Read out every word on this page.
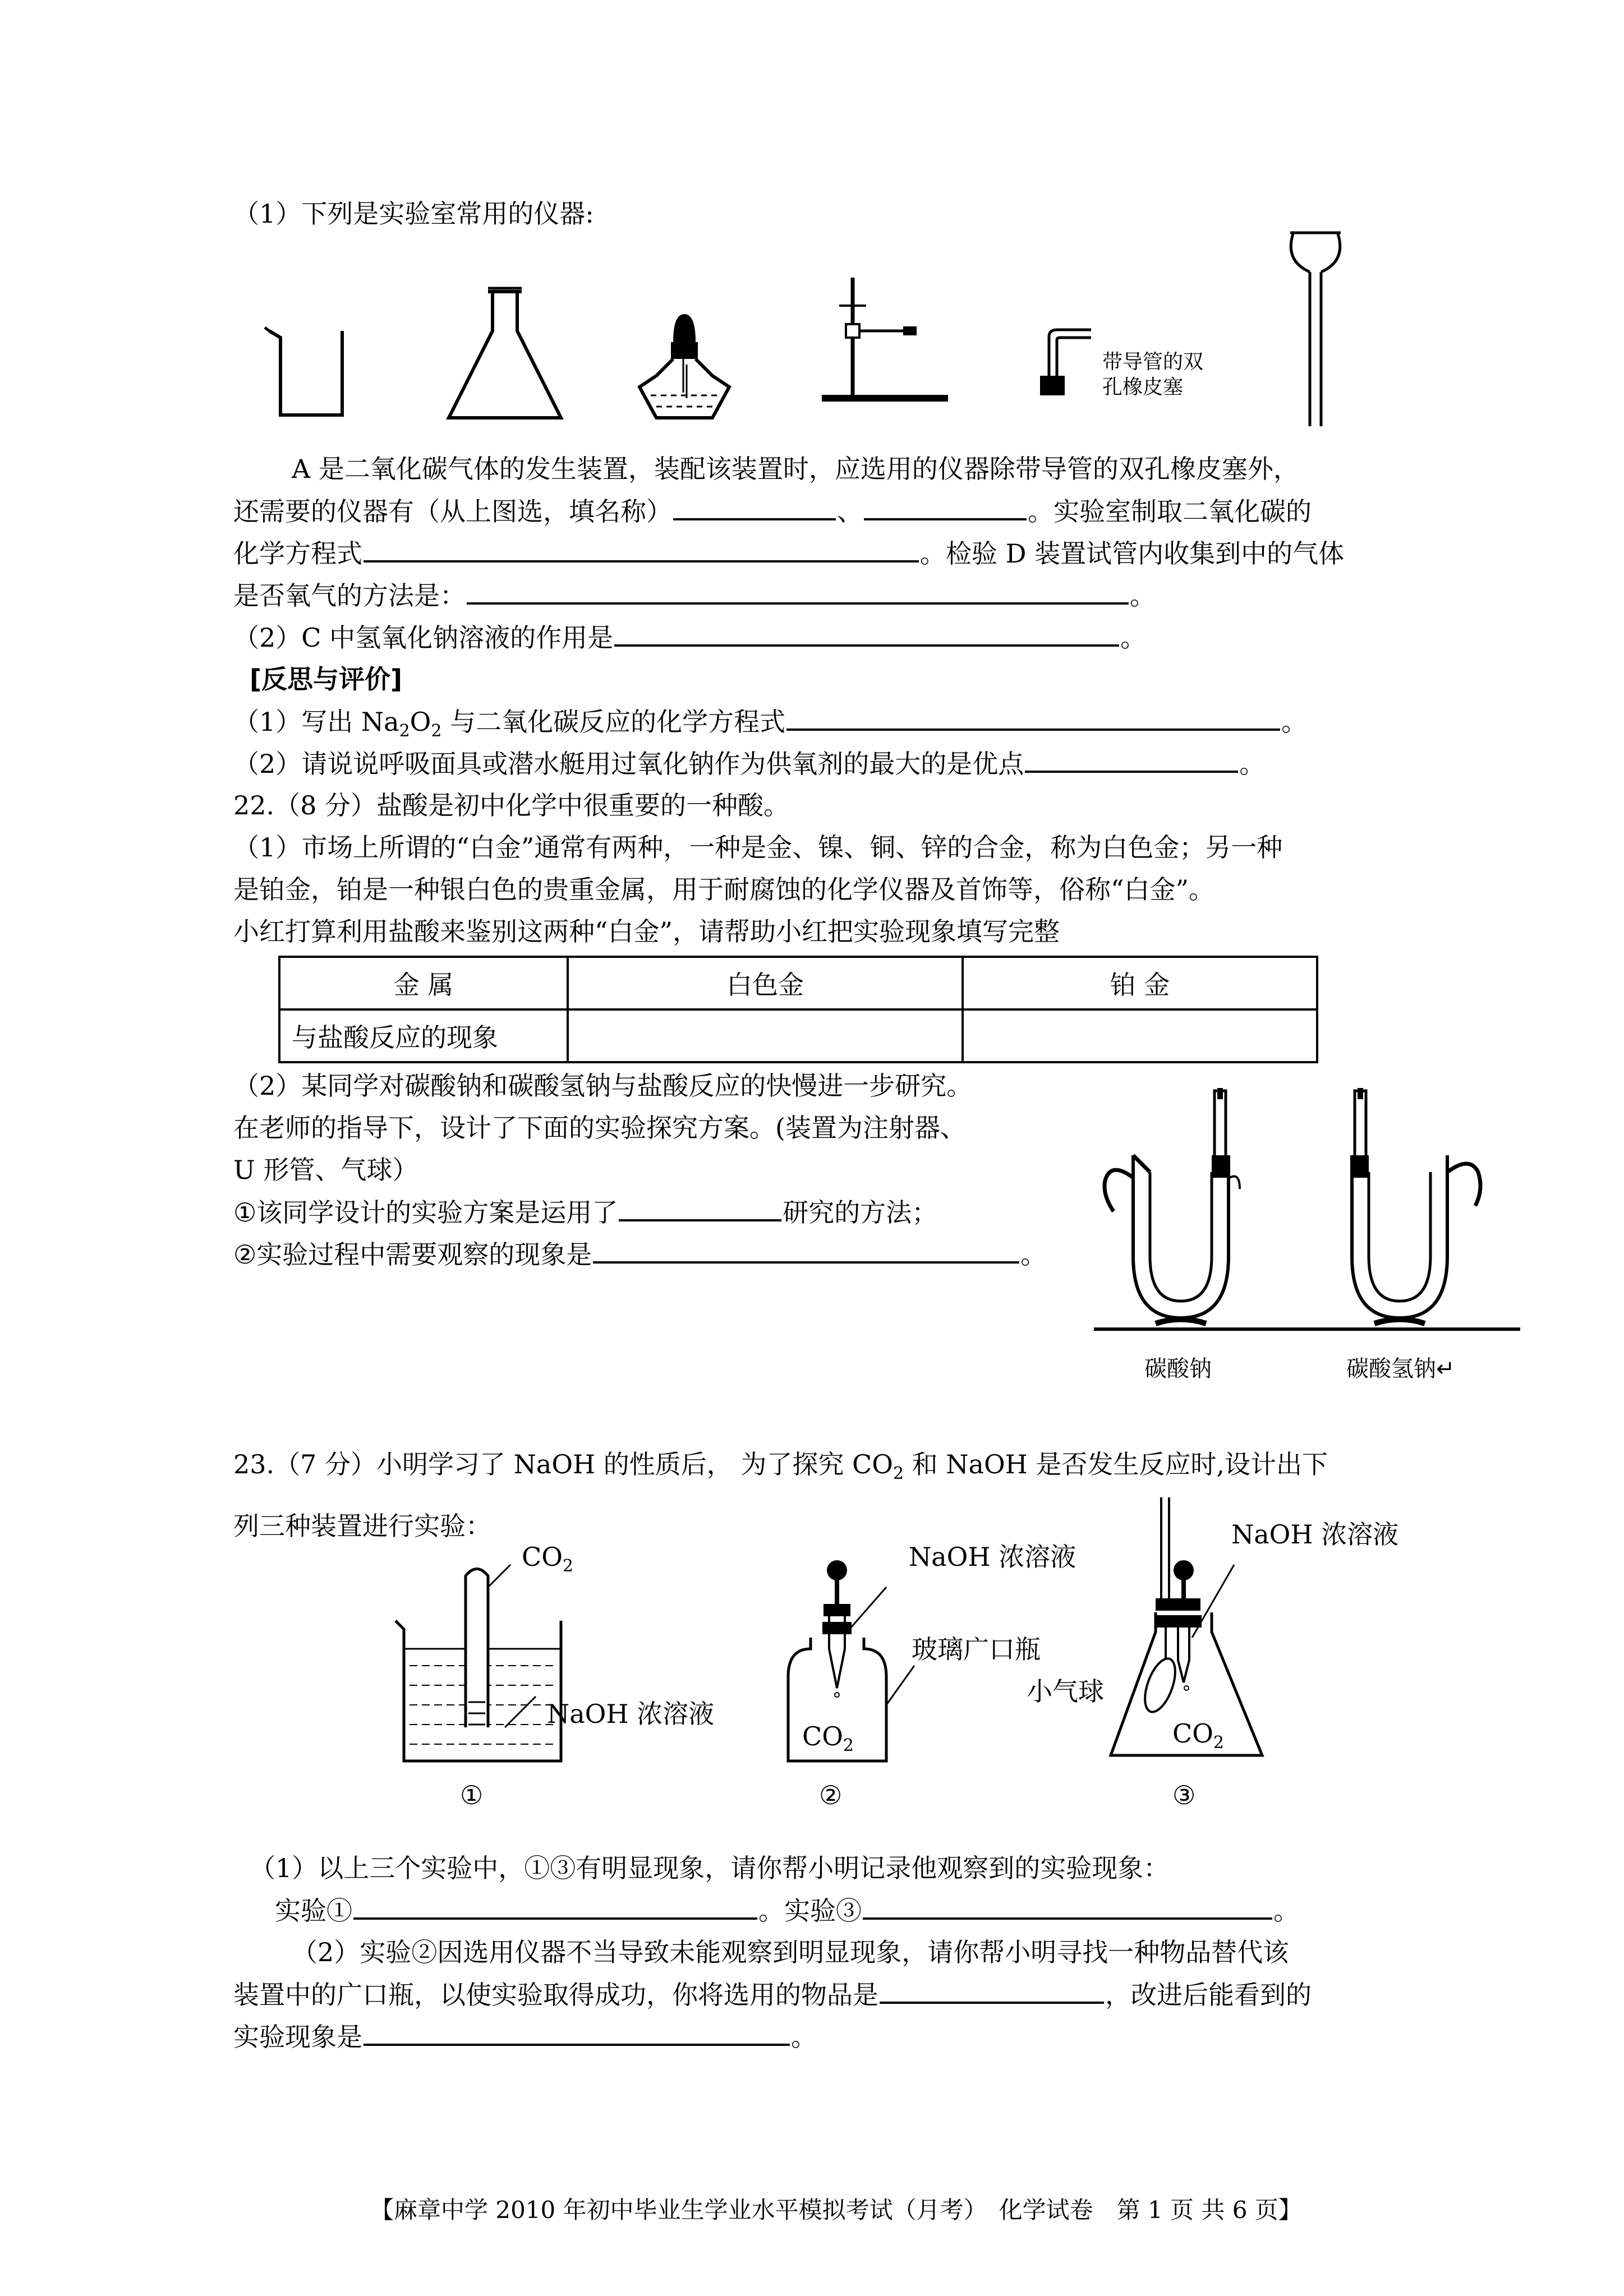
（1）下列是实验室常用的仪器:
带导管的双
孔橡皮塞
A 是二氧化碳气体的发生装置，装配该装置时，应选用的仪器除带导管的双孔橡皮塞外，
还需要的仪器有（从上图选，填名称）	、	。实验室制取二氧化碳的
化学方程式	。检验 D 装置试管内收集到中的气体
是否氧气的方法是：	。
（2）C 中氢氧化钠溶液的作用是	。
[反思与评价]
（1）写出 $Na_2O_2$ 与二氧化碳反应的化学方程式	。
（2）请说说呼吸面具或潜水艇用过氧化钠作为供氧剂的最大的是优点	。
22.（8 分）盐酸是初中化学中很重要的一种酸。
（1）市场上所谓的“白金”通常有两种，一种是金、镍、铜、锌的合金，称为白色金；另一种
是铂金，铂是一种银白色的贵重金属，用于耐腐蚀的化学仪器及首饰等，俗称“白金”。
小红打算利用盐酸来鉴别这两种“白金”，请帮助小红把实验现象填写完整
金 属	白色金	铂 金
与盐酸反应的现象		
（2）某同学对碳酸钠和碳酸氢钠与盐酸反应的快慢进一步研究。
在老师的指导下，设计了下面的实验探究方案。(装置为注射器、
U 形管、气球）
①该同学设计的实验方案是运用了	研究的方法；
②实验过程中需要观察的现象是	。
碳酸钠	碳酸氢钠↵
23.（7 分）小明学习了 NaOH 的性质后， 为了探究 $CO_2$ 和 NaOH 是否发生反应时,设计出下
列三种装置进行实验：
$CO_2$
NaOH 浓溶液
①
NaOH 浓溶液
玻璃广口瓶
$CO_2$
②
NaOH 浓溶液
小气球
$CO_2$
③
（1）以上三个实验中，①③有明显现象，请你帮小明记录他观察到的实验现象：
实验①	。实验③	。
（2）实验②因选用仪器不当导致未能观察到明显现象，请你帮小明寻找一种物品替代该
装置中的广口瓶，以使实验取得成功，你将选用的物品是	，改进后能看到的
实验现象是	。
【麻章中学 2010 年初中毕业生学业水平模拟考试（月考）　化学试卷　第 1 页 共 6 页】
